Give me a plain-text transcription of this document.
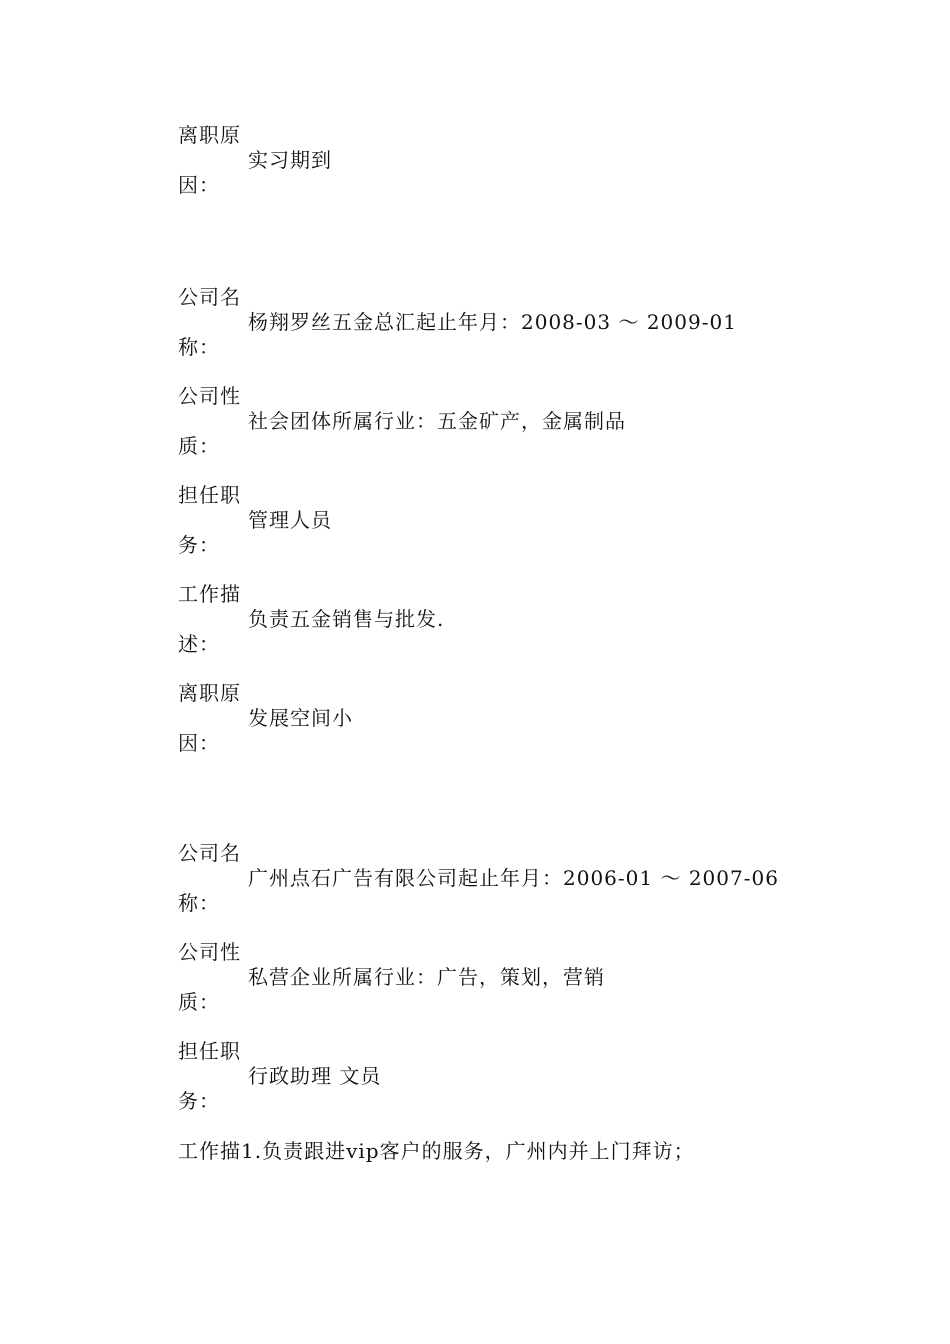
离职原
实习期到
因：
公司名
杨翔罗丝五金总汇起止年月：2008-03 ～ 2009-01
称：
公司性
社会团体所属行业：五金矿产，金属制品
质：
担任职
管理人员
务：
工作描
负责五金销售与批发.
述：
离职原
发展空间小
因：
公司名
广州点石广告有限公司起止年月：2006-01 ～ 2007-06
称：
公司性
私营企业所属行业：广告，策划，营销
质：
担任职
行政助理 文员
务：
工作描1.负责跟进vip客户的服务，广州内并上门拜访；
